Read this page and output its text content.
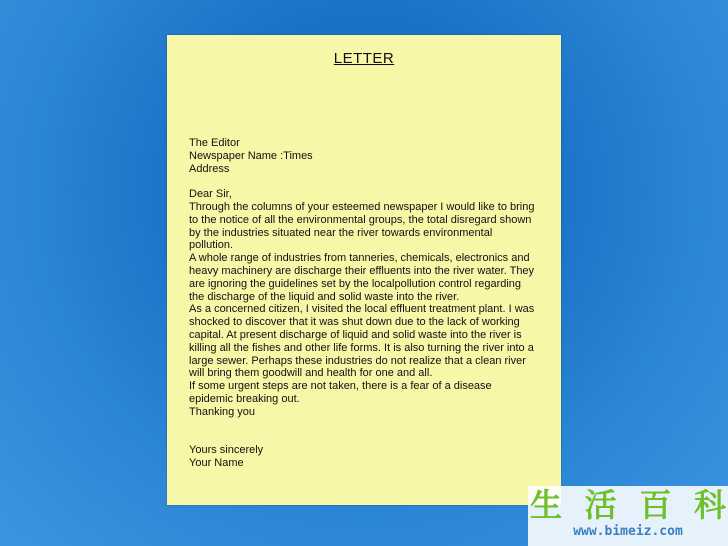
LETTER
The Editor
Newspaper Name :Times
Address
Dear Sir,
Through the columns of your esteemed newspaper I would like to bring
to the notice of all the environmental groups, the total disregard shown
by the industries situated near the river towards environmental
pollution.
A whole range of industries from tanneries, chemicals, electronics and
heavy machinery are discharge their effluents into the river water. They
are ignoring the guidelines set by the localpollution control regarding
the discharge of the liquid and solid waste into the river.
As a concerned citizen, I visited the local effluent treatment plant. I was
shocked to discover that it was shut down due to the lack of working
capital. At present discharge of liquid and solid waste into the river is
killing all the fishes and other life forms. It is also turning the river into a
large sewer. Perhaps these industries do not realize that a clean river
will bring them goodwill and health for one and all.
If some urgent steps are not taken, there is a fear of a disease
epidemic breaking out.
Thanking you
Yours sincerely
Your Name
生 活 百 科
www.bimeiz.com
